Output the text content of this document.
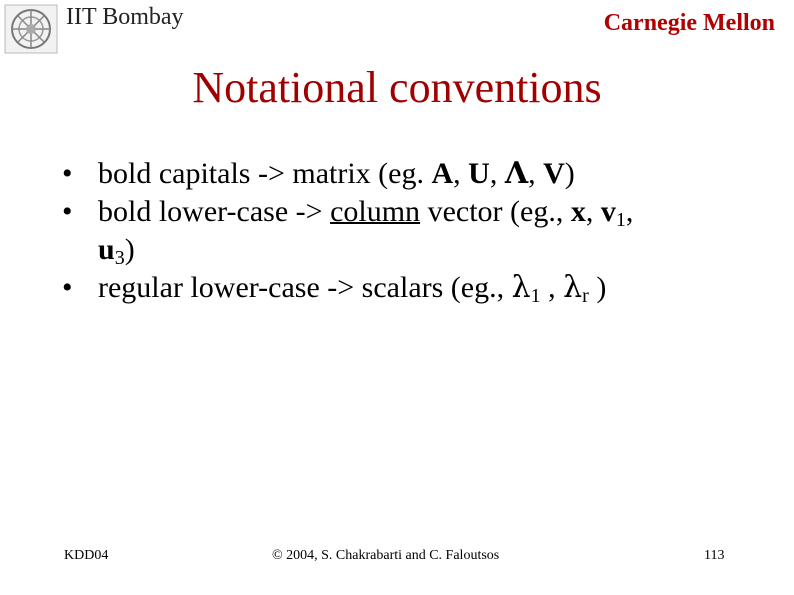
IIT Bombay	Carnegie Mellon
Notational conventions
• bold capitals -> matrix (eg. A, U, Λ, V)
• bold lower-case -> column vector (eg., x, $v_1$,
$u_3$)
• regular lower-case -> scalars (eg., $\lambda_1$ , $\lambda_r$ )
KDD04	© 2004, S. Chakrabarti and C. Faloutsos	113
